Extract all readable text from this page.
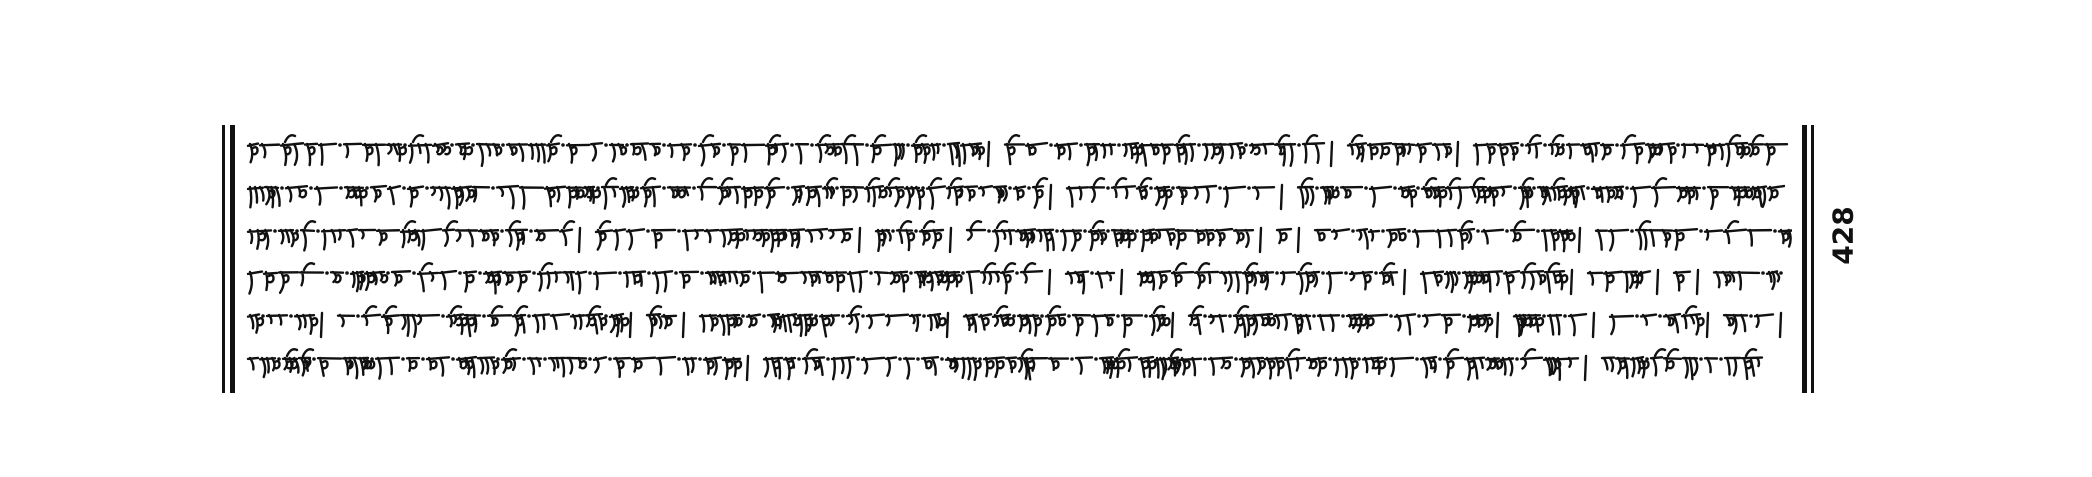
428
